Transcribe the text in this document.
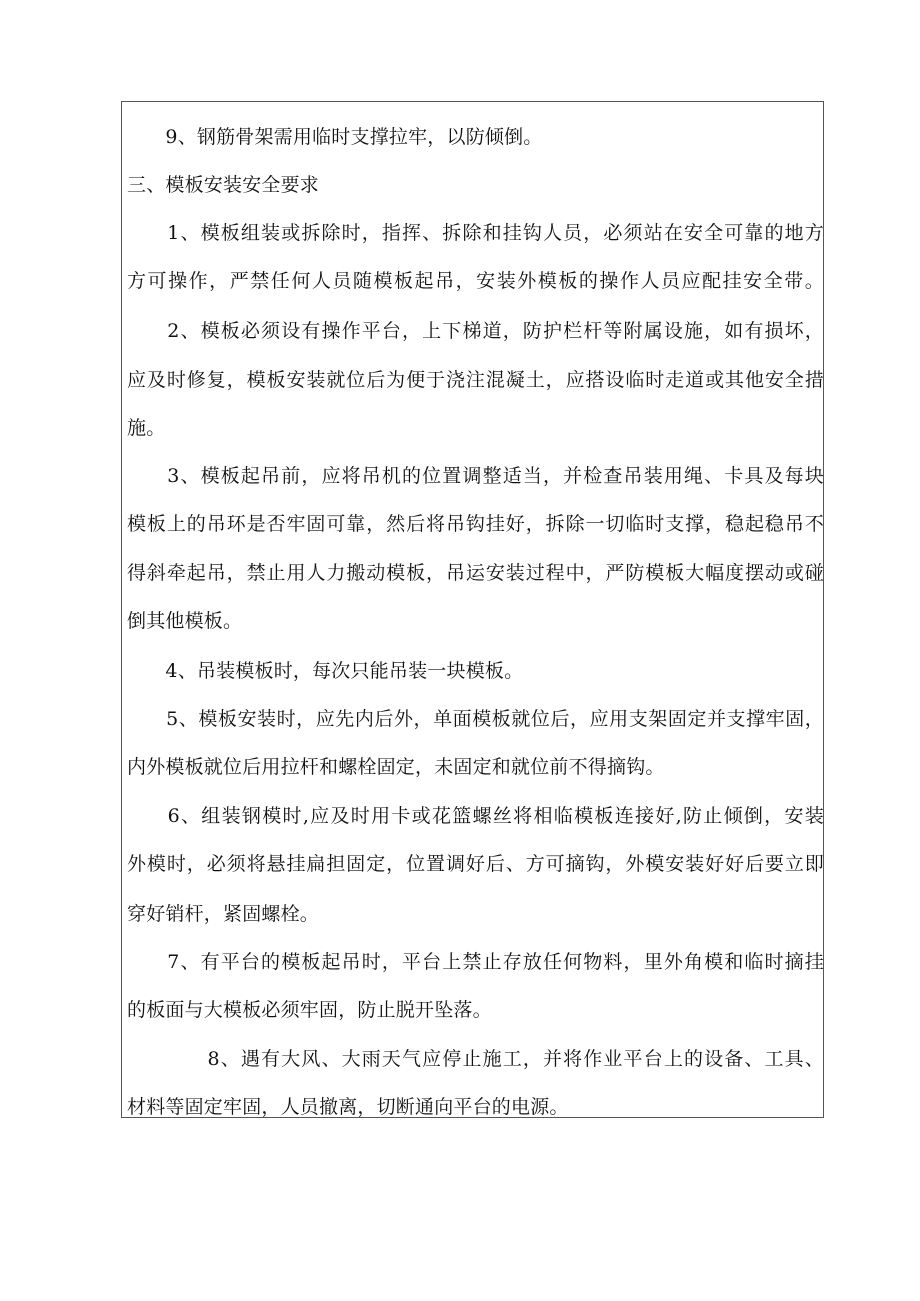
　　9、钢筋骨架需用临时支撑拉牢，以防倾倒。
三、模板安装安全要求
　　1、模板组装或拆除时，指挥、拆除和挂钩人员，必须站在安全可靠的地方
方可操作，严禁任何人员随模板起吊，安装外模板的操作人员应配挂安全带。
　　2、模板必须设有操作平台，上下梯道，防护栏杆等附属设施，如有损坏，
应及时修复，模板安装就位后为便于浇注混凝土，应搭设临时走道或其他安全措
施。
　　3、模板起吊前，应将吊机的位置调整适当，并检查吊装用绳、卡具及每块
模板上的吊环是否牢固可靠，然后将吊钩挂好，拆除一切临时支撑，稳起稳吊不
得斜牵起吊，禁止用人力搬动模板，吊运安装过程中，严防模板大幅度摆动或碰
倒其他模板。
　　4、吊装模板时，每次只能吊装一块模板。
　　5、模板安装时，应先内后外，单面模板就位后，应用支架固定并支撑牢固，
内外模板就位后用拉杆和螺栓固定，未固定和就位前不得摘钩。
　　6、组装钢模时,应及时用卡或花篮螺丝将相临模板连接好,防止倾倒，安装
外模时，必须将悬挂扁担固定，位置调好后、方可摘钩，外模安装好好后要立即
穿好销杆，紧固螺栓。
　　7、有平台的模板起吊时，平台上禁止存放任何物料，里外角模和临时摘挂
的板面与大模板必须牢固，防止脱开坠落。
　　　　8、遇有大风、大雨天气应停止施工，并将作业平台上的设备、工具、
材料等固定牢固，人员撤离，切断通向平台的电源。
